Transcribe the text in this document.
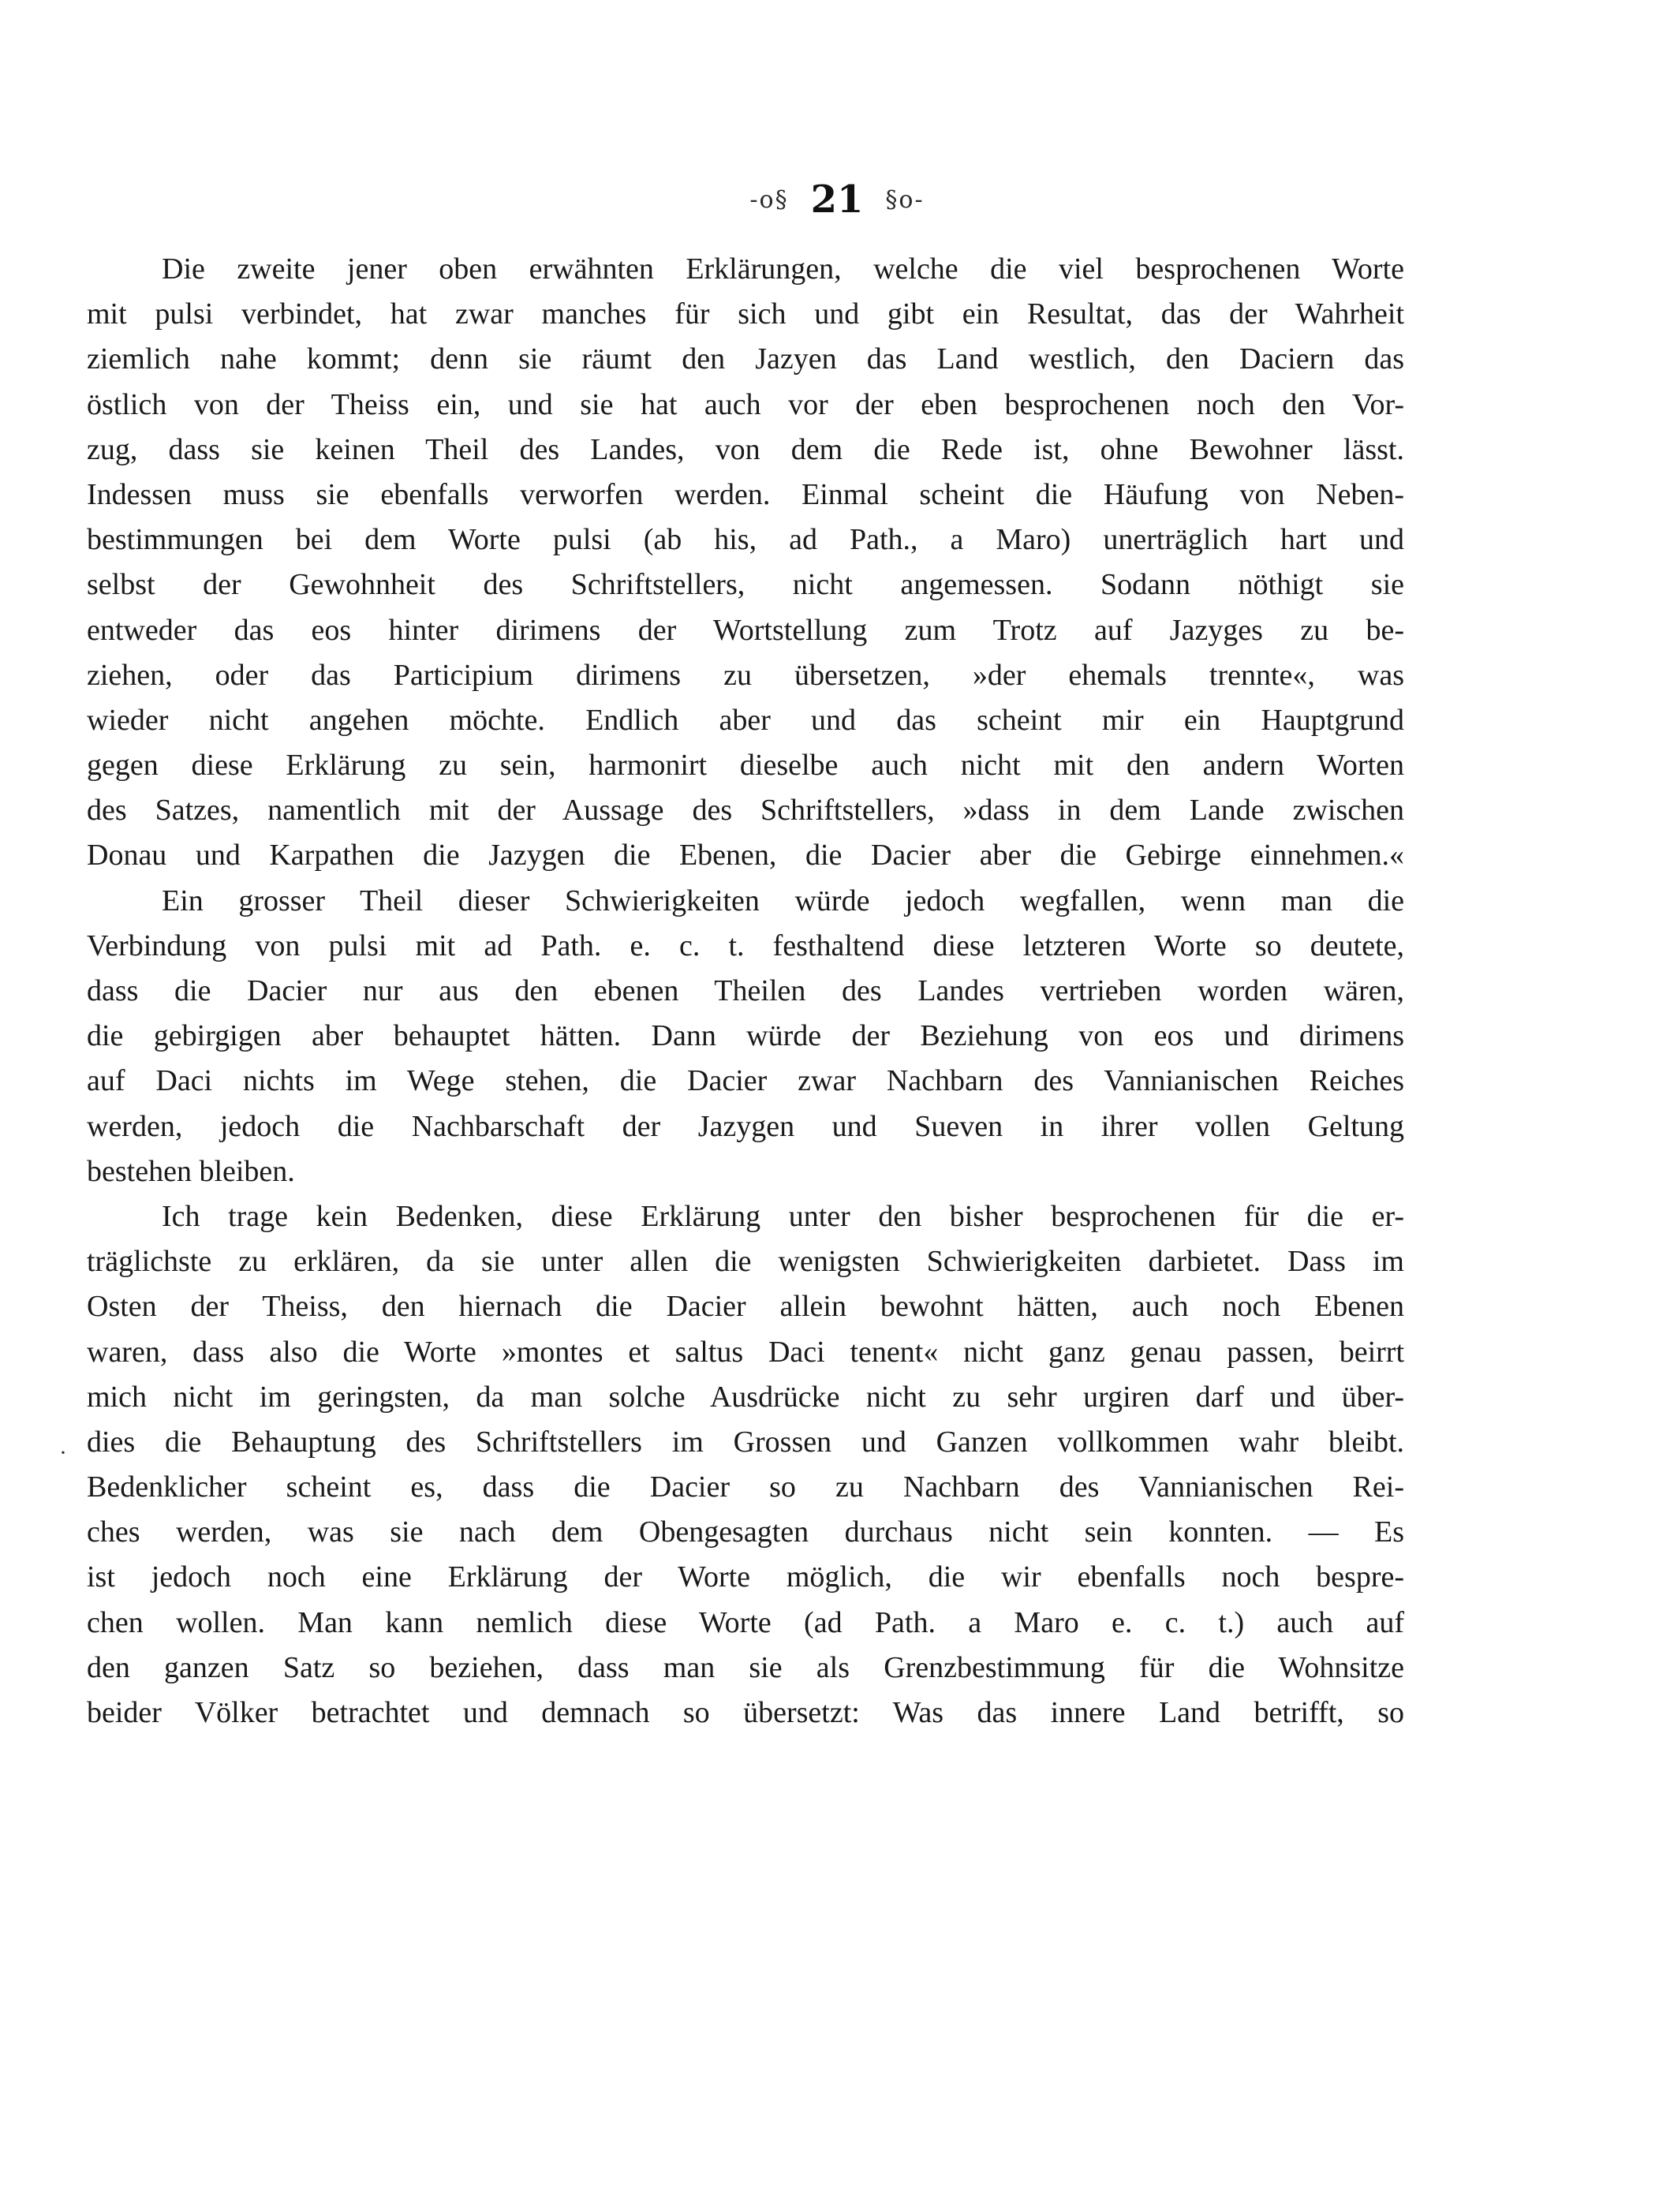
-o§ 21 §o-
·
Die zweite jener oben erwähnten Erklärungen, welche die viel besprochenen Worte
mit pulsi verbindet, hat zwar manches für sich und gibt ein Resultat, das der Wahrheit
ziemlich nahe kommt; denn sie räumt den Jazyen das Land westlich, den Daciern das
östlich von der Theiss ein, und sie hat auch vor der eben besprochenen noch den Vor-
zug, dass sie keinen Theil des Landes, von dem die Rede ist, ohne Bewohner lässt.
Indessen muss sie ebenfalls verworfen werden. Einmal scheint die Häufung von Neben-
bestimmungen bei dem Worte pulsi (ab his, ad Path., a Maro) unerträglich hart und
selbst der Gewohnheit des Schriftstellers, nicht angemessen. Sodann nöthigt sie
entweder das eos hinter dirimens der Wortstellung zum Trotz auf Jazyges zu be-
ziehen, oder das Participium dirimens zu übersetzen, »der ehemals trennte«, was
wieder nicht angehen möchte. Endlich aber und das scheint mir ein Hauptgrund
gegen diese Erklärung zu sein, harmonirt dieselbe auch nicht mit den andern Worten
des Satzes, namentlich mit der Aussage des Schriftstellers, »dass in dem Lande zwischen
Donau und Karpathen die Jazygen die Ebenen, die Dacier aber die Gebirge einnehmen.«
Ein grosser Theil dieser Schwierigkeiten würde jedoch wegfallen, wenn man die
Verbindung von pulsi mit ad Path. e. c. t. festhaltend diese letzteren Worte so deutete,
dass die Dacier nur aus den ebenen Theilen des Landes vertrieben worden wären,
die gebirgigen aber behauptet hätten. Dann würde der Beziehung von eos und dirimens
auf Daci nichts im Wege stehen, die Dacier zwar Nachbarn des Vannianischen Reiches
werden, jedoch die Nachbarschaft der Jazygen und Sueven in ihrer vollen Geltung
bestehen bleiben.
Ich trage kein Bedenken, diese Erklärung unter den bisher besprochenen für die er-
träglichste zu erklären, da sie unter allen die wenigsten Schwierigkeiten darbietet. Dass im
Osten der Theiss, den hiernach die Dacier allein bewohnt hätten, auch noch Ebenen
waren, dass also die Worte »montes et saltus Daci tenent« nicht ganz genau passen, beirrt
mich nicht im geringsten, da man solche Ausdrücke nicht zu sehr urgiren darf und über-
dies die Behauptung des Schriftstellers im Grossen und Ganzen vollkommen wahr bleibt.
Bedenklicher scheint es, dass die Dacier so zu Nachbarn des Vannianischen Rei-
ches werden, was sie nach dem Obengesagten durchaus nicht sein konnten. — Es
ist jedoch noch eine Erklärung der Worte möglich, die wir ebenfalls noch bespre-
chen wollen. Man kann nemlich diese Worte (ad Path. a Maro e. c. t.) auch auf
den ganzen Satz so beziehen, dass man sie als Grenzbestimmung für die Wohnsitze
beider Völker betrachtet und demnach so übersetzt: Was das innere Land betrifft, so
